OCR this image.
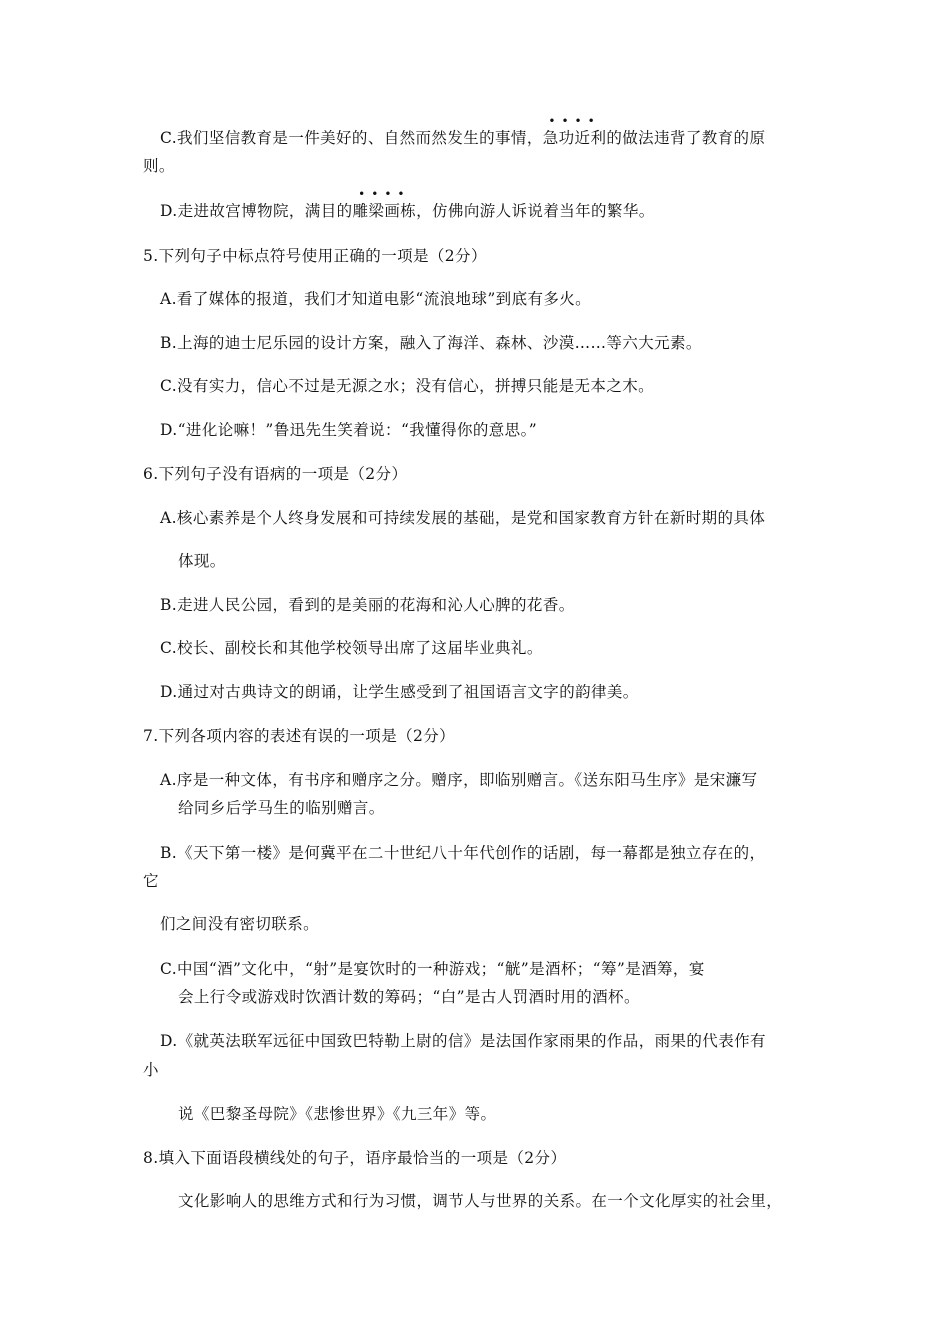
C.我们坚信教育是一件美好的、自然而然发生的事情，
••••
急功近利的做法违背了教育的原
则。
D.走进故宫博物院，满目的
••••
雕梁画栋，仿佛向游人诉说着当年的繁华。
5.下列句子中标点符号使用正确的一项是（2分）
A.看了媒体的报道，我们才知道电影“流浪地球”到底有多火。
B.上海的迪士尼乐园的设计方案，融入了海洋、森林、沙漠……等六大元素。
C.没有实力，信心不过是无源之水；没有信心，拼搏只能是无本之木。
D.“进化论嘛！”鲁迅先生笑着说：“我懂得你的意思。”
6.下列句子没有语病的一项是（2分）
A.核心素养是个人终身发展和可持续发展的基础，是党和国家教育方针在新时期的具体
体现。
B.走进人民公园，看到的是美丽的花海和沁人心脾的花香。
C.校长、副校长和其他学校领导出席了这届毕业典礼。
D.通过对古典诗文的朗诵，让学生感受到了祖国语言文字的韵律美。
7.下列各项内容的表述有误的一项是（2分）
A.序是一种文体，有书序和赠序之分。赠序，即临别赠言。《送东阳马生序》是宋濂写
给同乡后学马生的临别赠言。
B.《天下第一楼》是何冀平在二十世纪八十年代创作的话剧，每一幕都是独立存在的，
它
们之间没有密切联系。
C.中国“酒”文化中，“射”是宴饮时的一种游戏；“觥”是酒杯；“筹”是酒筹，宴
会上行令或游戏时饮酒计数的筹码；“白”是古人罚酒时用的酒杯。
D.《就英法联军远征中国致巴特勒上尉的信》是法国作家雨果的作品，雨果的代表作有
小
说《巴黎圣母院》《悲惨世界》《九三年》等。
8.填入下面语段横线处的句子，语序最恰当的一项是（2分）
文化影响人的思维方式和行为习惯，调节人与世界的关系。在一个文化厚实的社会里，
